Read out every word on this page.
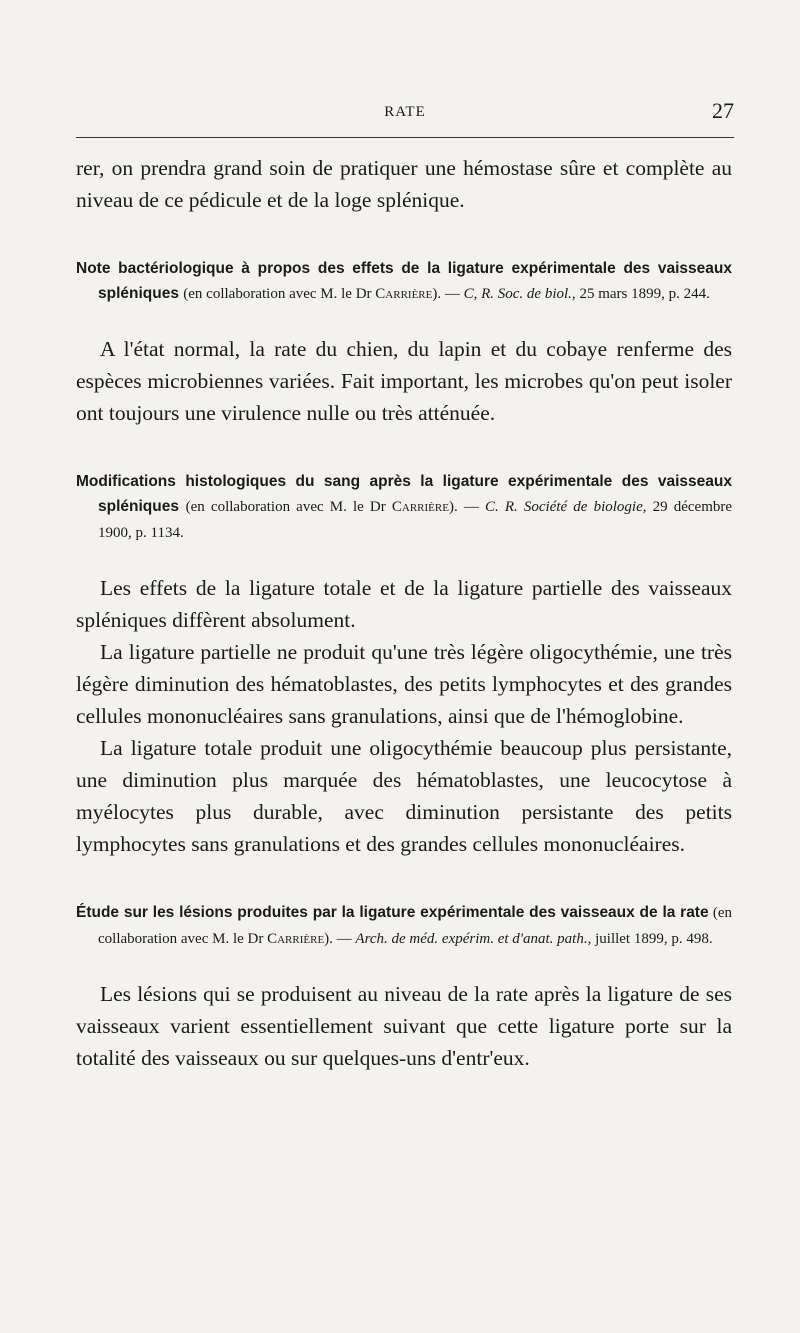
RATE	27

rer, on prendra grand soin de pratiquer une hémostase sûre et complète au niveau de ce pédicule et de la loge splénique.

Note bactériologique à propos des effets de la ligature expérimentale des vaisseaux spléniques (en collaboration avec M. le Dr Carrière). — C, R. Soc. de biol., 25 mars 1899, p. 244.

A l'état normal, la rate du chien, du lapin et du cobaye renferme des espèces microbiennes variées. Fait important, les microbes qu'on peut isoler ont toujours une virulence nulle ou très atténuée.

Modifications histologiques du sang après la ligature expérimentale des vaisseaux spléniques (en collaboration avec M. le Dr Carrière). — C. R. Société de biologie, 29 décembre 1900, p. 1134.

Les effets de la ligature totale et de la ligature partielle des vaisseaux spléniques diffèrent absolument.

La ligature partielle ne produit qu'une très légère oligocythémie, une très légère diminution des hématoblastes, des petits lymphocytes et des grandes cellules mononucléaires sans granulations, ainsi que de l'hémoglobine.

La ligature totale produit une oligocythémie beaucoup plus persistante, une diminution plus marquée des hématoblastes, une leucocytose à myélocytes plus durable, avec diminution persistante des petits lymphocytes sans granulations et des grandes cellules mononucléaires.

Étude sur les lésions produites par la ligature expérimentale des vaisseaux de la rate (en collaboration avec M. le Dr Carrière). — Arch. de méd. expérim. et d'anat. path., juillet 1899, p. 498.

Les lésions qui se produisent au niveau de la rate après la ligature de ses vaisseaux varient essentiellement suivant que cette ligature porte sur la totalité des vaisseaux ou sur quelques-uns d'entr'eux.
